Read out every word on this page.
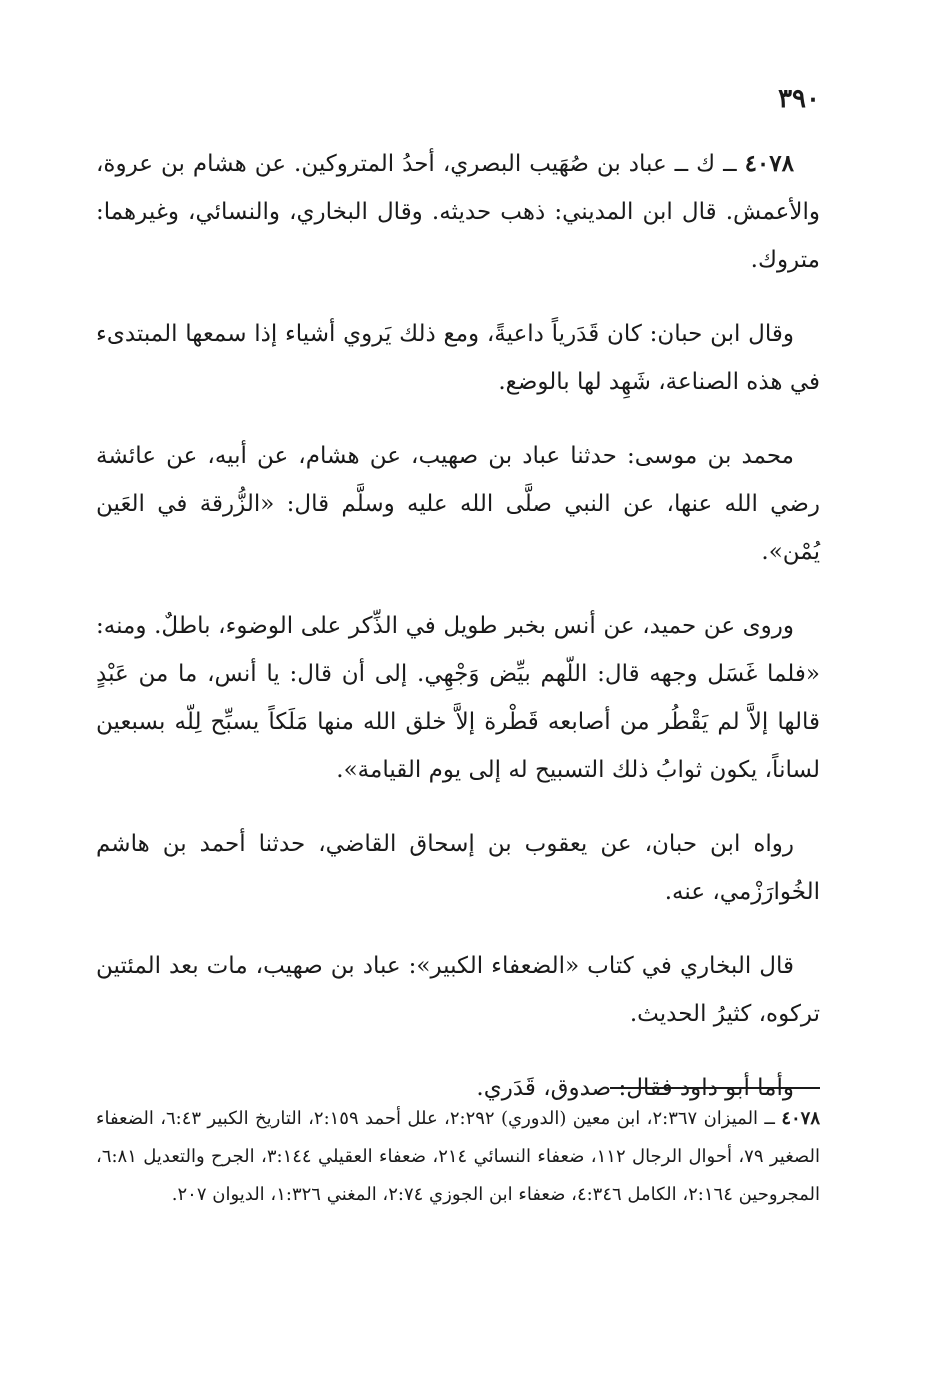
٣٩٠

٤٠٧٨ ــ ك ــ عباد بن صُهَيب البصري، أحدُ المتروكين. عن هشام بن عروة، والأعمش. قال ابن المديني: ذهب حديثه. وقال البخاري، والنسائي، وغيرهما: متروك.

وقال ابن حبان: كان قَدَرياً داعيةً، ومع ذلك يَروي أشياء إذا سمعها المبتدىء في هذه الصناعة، شَهِد لها بالوضع.

محمد بن موسى: حدثنا عباد بن صهيب، عن هشام، عن أبيه، عن عائشة رضي الله عنها، عن النبي صلَّى الله عليه وسلَّم قال: «الزُّرقة في العَين يُمْن».

وروى عن حميد، عن أنس بخبر طويل في الذِّكر على الوضوء، باطلٌ. ومنه: «فلما غَسَل وجهه قال: اللّهم بيِّض وَجْهِي. إلى أن قال: يا أنس، ما من عَبْدٍ قالها إلاَّ لم يَقْطُر من أصابعه قَطْرة إلاَّ خلق الله منها مَلَكاً يسبِّح لِلّه بسبعين لساناً، يكون ثوابُ ذلك التسبيح له إلى يوم القيامة».

رواه ابن حبان، عن يعقوب بن إسحاق القاضي، حدثنا أحمد بن هاشم الخُوارَزْمي، عنه.

قال البخاري في كتاب «الضعفاء الكبير»: عباد بن صهيب، مات بعد المئتين تركوه، كثيرُ الحديث.

وأما أبو داود فقال: صدوق، قَدَري.

٤٠٧٨ ــ الميزان ٢:٣٦٧، ابن معين (الدوري) ٢:٢٩٢، علل أحمد ٢:١٥٩، التاريخ الكبير ٦:٤٣، الضعفاء الصغير ٧٩، أحوال الرجال ١١٢، ضعفاء النسائي ٢١٤، ضعفاء العقيلي ٣:١٤٤، الجرح والتعديل ٦:٨١، المجروحين ٢:١٦٤، الكامل ٤:٣٤٦، ضعفاء ابن الجوزي ٢:٧٤، المغني ١:٣٢٦، الديوان ٢٠٧.
